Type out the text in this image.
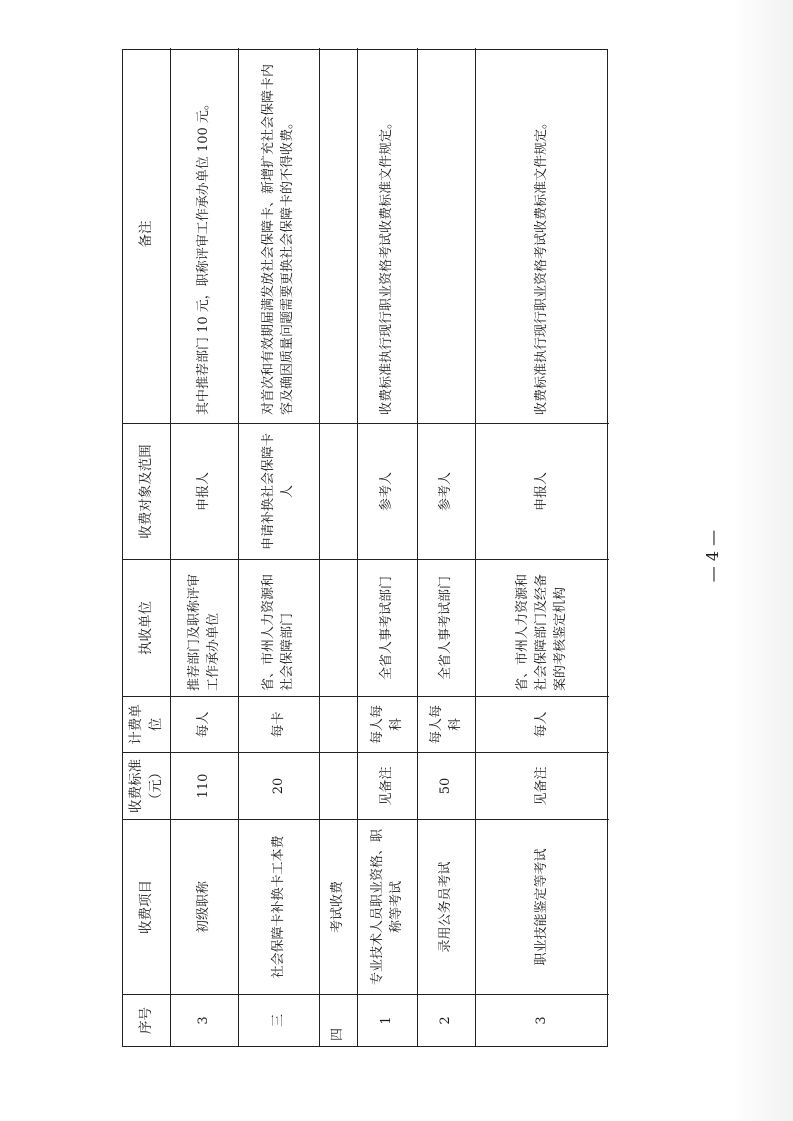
序号
收费项目
收费标准（元）
计费单位
执收单位
收费对象及范围
备注
3
初级职称
110
每人
推荐部门及职称评审工作承办单位
申报人
其中推荐部门 10 元，职称评审工作承办单位 100 元。
三
社会保障卡补换卡工本费
20
每卡
省、市州人力资源和社会保障部门
申请补换社会保障卡人
对首次和有效期届满发放社会保障卡、新增扩充社会保障卡内容及确因质量问题需要更换社会保障卡的不得收费。
四
考试收费
1
专业技术人员职业资格、职称等考试
见备注
每人每科
全省人事考试部门
参考人
收费标准执行现行职业资格考试收费标准文件规定。
2
录用公务员考试
50
每人每科
全省人事考试部门
参考人
3
职业技能鉴定等考试
见备注
每人
省、市州人力资源和社会保障部门及经备案的考核鉴定机构
申报人
收费标准执行现行职业资格考试收费标准文件规定。
— 4 —
